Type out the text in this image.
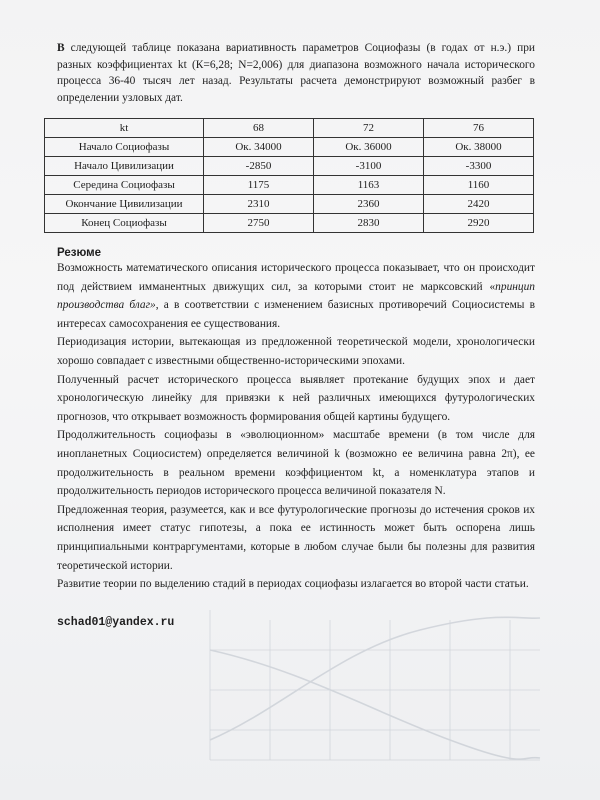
В следующей таблице показана вариативность параметров Социофазы (в годах от н.э.) при разных коэффициентах kt (К=6,28; N=2,006) для диапазона возможного начала исторического процесса 36-40 тысяч лет назад. Результаты расчета демонстрируют возможный разбег в определении узловых дат.

kt	68	72	76
Начало Социофазы	Ок. 34000	Ок. 36000	Ок. 38000
Начало Цивилизации	-2850	-3100	-3300
Середина Социофазы	1175	1163	1160
Окончание Цивилизации	2310	2360	2420
Конец Социофазы	2750	2830	2920
Резюме

Возможность математического описания исторического процесса показывает, что он происходит под действием имманентных движущих сил, за которыми стоит не марксовский «принцип производства благ», а в соответствии с изменением базисных противоречий Социосистемы в интересах самосохранения ее существования.

Периодизация истории, вытекающая из предложенной теоретической модели, хронологически хорошо совпадает с известными общественно-историческими эпохами.

Полученный расчет исторического процесса выявляет протекание будущих эпох и дает хронологическую линейку для привязки к ней различных имеющихся футурологических прогнозов, что открывает возможность формирования общей картины будущего.

Продолжительность социофазы в «эволюционном» масштабе времени (в том числе для инопланетных Социосистем) определяется величиной k (возможно ее величина равна 2π), ее продолжительность в реальном времени коэффициентом kt, а номенклатура этапов и продолжительность периодов исторического процесса величиной показателя N.

Предложенная теория, разумеется, как и все футурологические прогнозы до истечения сроков их исполнения имеет статус гипотезы, а пока ее истинность может быть оспорена лишь принципиальными контраргументами, которые в любом случае были бы полезны для развития теоретической истории.

Развитие теории по выделению стадий в периодах социофазы излагается во второй части статьи.

schad01@yandex.ru
